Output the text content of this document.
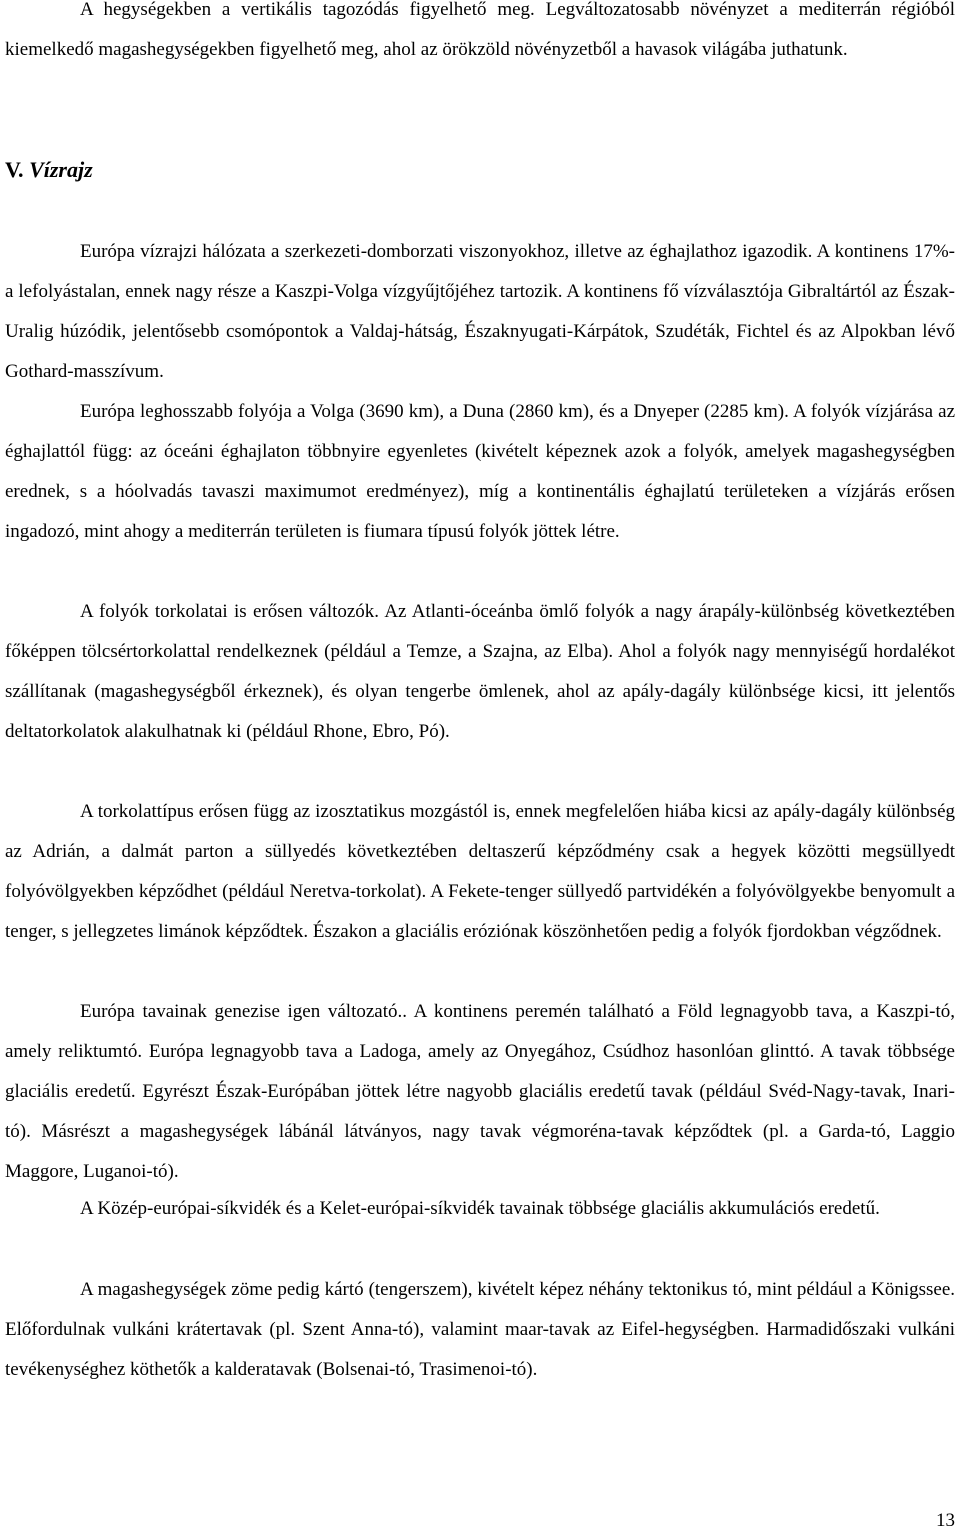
A hegységekben a vertikális tagozódás figyelhető meg. Legváltozatosabb növényzet a mediterrán régióból kiemelkedő magashegységekben figyelhető meg, ahol az örökzöld növényzetből a havasok világába juthatunk.

V. Vízrajz

Európa vízrajzi hálózata a szerkezeti-domborzati viszonyokhoz, illetve az éghajlathoz igazodik. A kontinens 17%-a lefolyástalan, ennek nagy része a Kaszpi-Volga vízgyűjtőjéhez tartozik. A kontinens fő vízválasztója Gibraltártól az Észak-Uralig húzódik, jelentősebb csomópontok a Valdaj-hátság, Északnyugati-Kárpátok, Szudéták, Fichtel és az Alpokban lévő Gothard-masszívum.

Európa leghosszabb folyója a Volga (3690 km), a Duna (2860 km), és a Dnyeper (2285 km). A folyók vízjárása az éghajlattól függ: az óceáni éghajlaton többnyire egyenletes (kivételt képeznek azok a folyók, amelyek magashegységben erednek, s a hóolvadás tavaszi maximumot eredményez), míg a kontinentális éghajlatú területeken a vízjárás erősen ingadozó, mint ahogy a mediterrán területen is fiumara típusú folyók jöttek létre.

A folyók torkolatai is erősen változók. Az Atlanti-óceánba ömlő folyók a nagy árapály-különbség következtében főképpen tölcsértorkolattal rendelkeznek (például a Temze, a Szajna, az Elba). Ahol a folyók nagy mennyiségű hordalékot szállítanak (magashegységből érkeznek), és olyan tengerbe ömlenek, ahol az apály-dagály különbsége kicsi, itt jelentős deltatorkolatok alakulhatnak ki (például Rhone, Ebro, Pó).

A torkolattípus erősen függ az izosztatikus mozgástól is, ennek megfelelően hiába kicsi az apály-dagály különbség az Adrián, a dalmát parton a süllyedés következtében deltaszerű képződmény csak a hegyek közötti megsüllyedt folyóvölgyekben képződhet (például Neretva-torkolat). A Fekete-tenger süllyedő partvidékén a folyóvölgyekbe benyomult a tenger, s jellegzetes limánok képződtek. Északon a glaciális eróziónak köszönhetően pedig a folyók fjordokban végződnek.

Európa tavainak genezise igen változató.. A kontinens peremén található a Föld legnagyobb tava, a Kaszpi-tó, amely reliktumtó. Európa legnagyobb tava a Ladoga, amely az Onyegához, Csúdhoz hasonlóan glinttó. A tavak többsége glaciális eredetű. Egyrészt Észak-Európában jöttek létre nagyobb glaciális eredetű tavak (például Svéd-Nagy-tavak, Inari-tó). Másrészt a magashegységek lábánál látványos, nagy tavak végmoréna-tavak képződtek (pl. a Garda-tó, Laggio Maggore, Luganoi-tó).

A Közép-európai-síkvidék és a Kelet-európai-síkvidék tavainak többsége glaciális akkumulációs eredetű.

A magashegységek zöme pedig kártó (tengerszem), kivételt képez néhány tektonikus tó, mint például a Königssee. Előfordulnak vulkáni krátertavak (pl. Szent Anna-tó), valamint maar-tavak az Eifel-hegységben. Harmadidőszaki vulkáni tevékenységhez köthetők a kalderatavak (Bolsenai-tó, Trasimenoi-tó).

13
